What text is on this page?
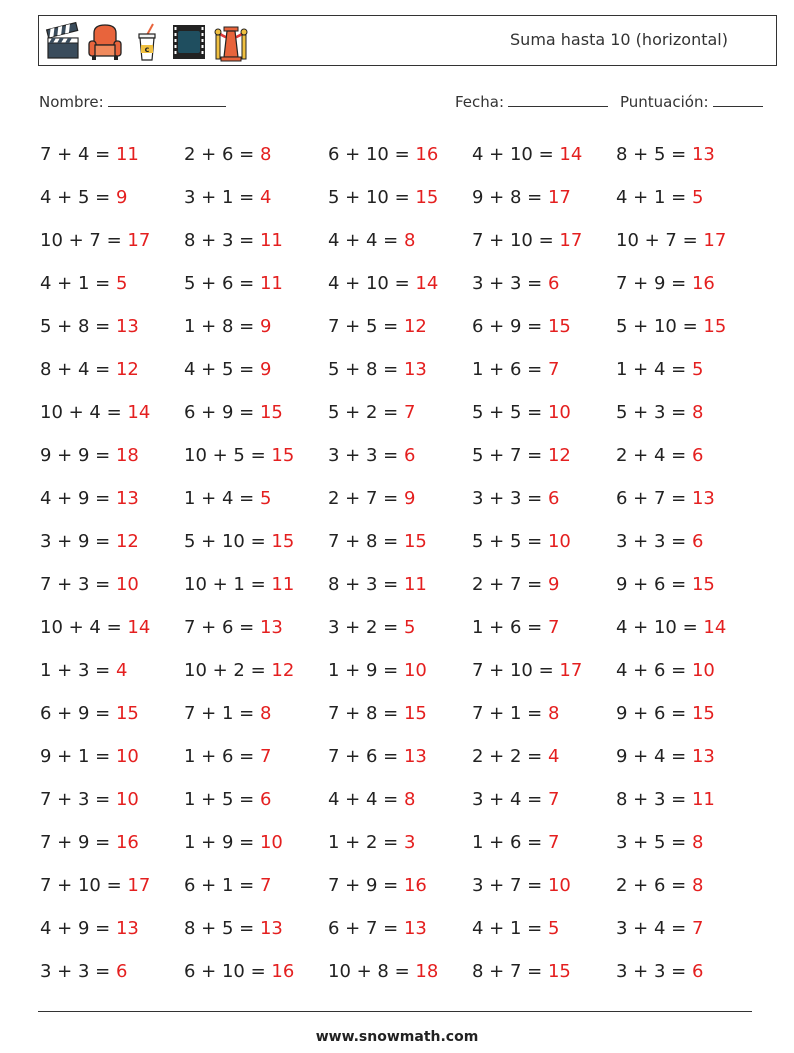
c
Suma hasta 10 (horizontal)
Nombre:	Fecha:	Puntuación:
7 + 4 = 11	2 + 6 = 8	6 + 10 = 16	4 + 10 = 14	8 + 5 = 13
4 + 5 = 9	3 + 1 = 4	5 + 10 = 15	9 + 8 = 17	4 + 1 = 5
10 + 7 = 17	8 + 3 = 11	4 + 4 = 8	7 + 10 = 17	10 + 7 = 17
4 + 1 = 5	5 + 6 = 11	4 + 10 = 14	3 + 3 = 6	7 + 9 = 16
5 + 8 = 13	1 + 8 = 9	7 + 5 = 12	6 + 9 = 15	5 + 10 = 15
8 + 4 = 12	4 + 5 = 9	5 + 8 = 13	1 + 6 = 7	1 + 4 = 5
10 + 4 = 14	6 + 9 = 15	5 + 2 = 7	5 + 5 = 10	5 + 3 = 8
9 + 9 = 18	10 + 5 = 15	3 + 3 = 6	5 + 7 = 12	2 + 4 = 6
4 + 9 = 13	1 + 4 = 5	2 + 7 = 9	3 + 3 = 6	6 + 7 = 13
3 + 9 = 12	5 + 10 = 15	7 + 8 = 15	5 + 5 = 10	3 + 3 = 6
7 + 3 = 10	10 + 1 = 11	8 + 3 = 11	2 + 7 = 9	9 + 6 = 15
10 + 4 = 14	7 + 6 = 13	3 + 2 = 5	1 + 6 = 7	4 + 10 = 14
1 + 3 = 4	10 + 2 = 12	1 + 9 = 10	7 + 10 = 17	4 + 6 = 10
6 + 9 = 15	7 + 1 = 8	7 + 8 = 15	7 + 1 = 8	9 + 6 = 15
9 + 1 = 10	1 + 6 = 7	7 + 6 = 13	2 + 2 = 4	9 + 4 = 13
7 + 3 = 10	1 + 5 = 6	4 + 4 = 8	3 + 4 = 7	8 + 3 = 11
7 + 9 = 16	1 + 9 = 10	1 + 2 = 3	1 + 6 = 7	3 + 5 = 8
7 + 10 = 17	6 + 1 = 7	7 + 9 = 16	3 + 7 = 10	2 + 6 = 8
4 + 9 = 13	8 + 5 = 13	6 + 7 = 13	4 + 1 = 5	3 + 4 = 7
3 + 3 = 6	6 + 10 = 16	10 + 8 = 18	8 + 7 = 15	3 + 3 = 6
www.snowmath.com
